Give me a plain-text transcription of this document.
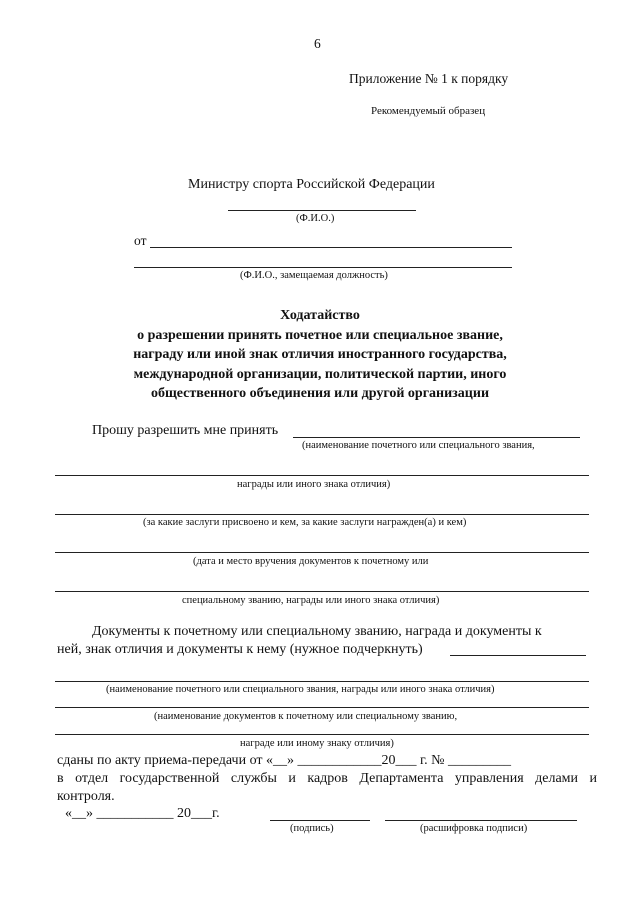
6
Приложение № 1 к порядку
Рекомендуемый образец
Министру спорта Российской Федерации
(Ф.И.О.)
от
(Ф.И.О., замещаемая должность)
Ходатайство
о разрешении принять почетное или специальное звание,
награду или иной знак отличия иностранного государства,
международной организации, политической партии, иного
общественного объединения или другой организации
Прошу разрешить мне принять
(наименование почетного или специального звания,
награды или иного знака отличия)
(за какие заслуги присвоено и кем, за какие заслуги награжден(а) и кем)
(дата и место вручения документов к почетному или
специальному званию, награды или иного знака отличия)
Документы к почетному или специальному званию, награда и документы к
ней, знак отличия и документы к нему (нужное подчеркнуть)
(наименование почетного или специального звания, награды или иного знака отличия)
(наименование документов к почетному или специальному званию,
награде или иному знаку отличия)
сданы по акту приема-передачи от «__» ____________20___ г. № _________
в отдел государственной службы и кадров Департамента управления делами и
контроля.
«__» ___________ 20___г.
(подпись)	(расшифровка подписи)
